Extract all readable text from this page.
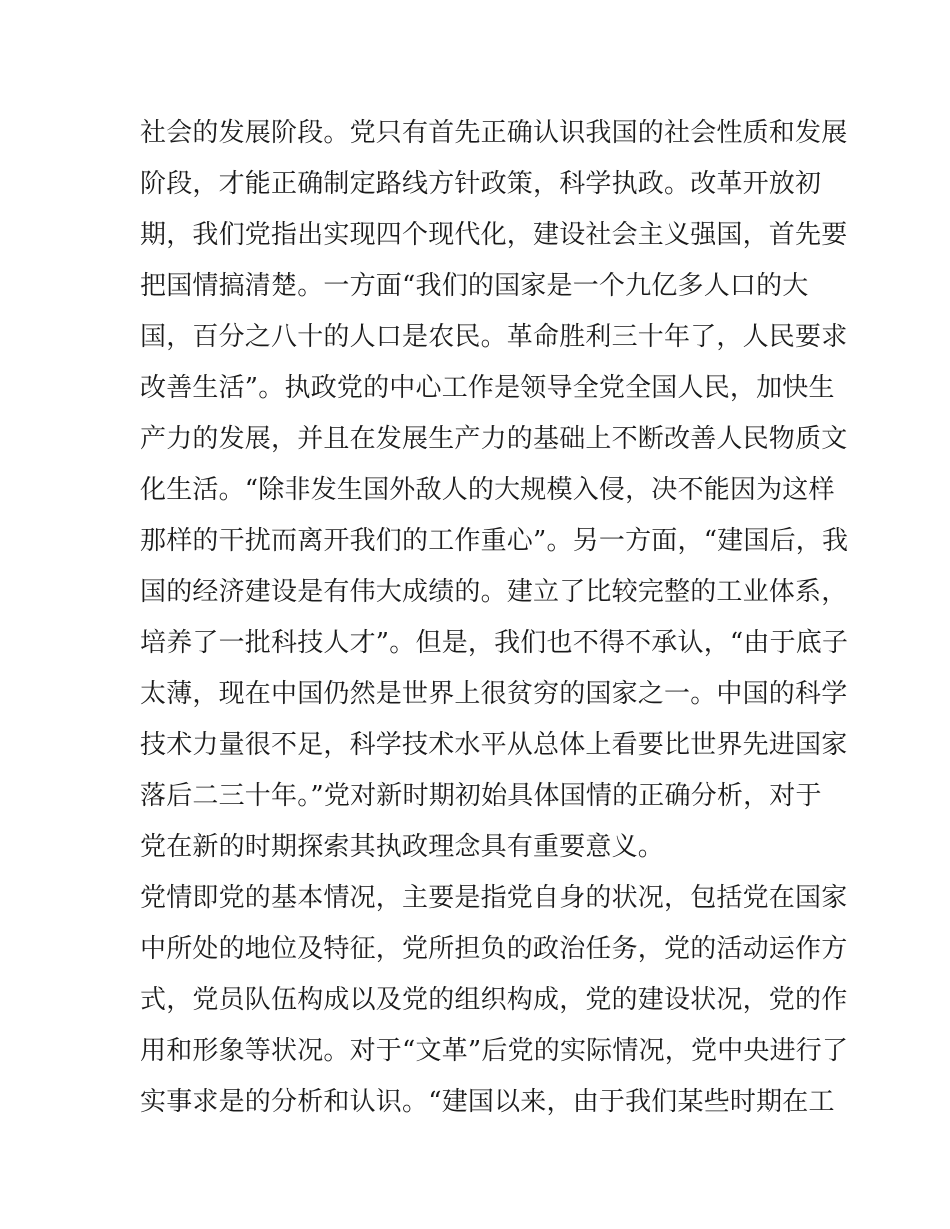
社会的发展阶段。党只有首先正确认识我国的社会性质和发展
阶段，才能正确制定路线方针政策，科学执政。改革开放初
期，我们党指出实现四个现代化，建设社会主义强国，首先要
把国情搞清楚。一方面“我们的国家是一个九亿多人口的大
国，百分之八十的人口是农民。革命胜利三十年了，人民要求
改善生活”。执政党的中心工作是领导全党全国人民，加快生
产力的发展，并且在发展生产力的基础上不断改善人民物质文
化生活。“除非发生国外敌人的大规模入侵，决不能因为这样
那样的干扰而离开我们的工作重心”。另一方面，“建国后，我
国的经济建设是有伟大成绩的。建立了比较完整的工业体系，
培养了一批科技人才”。但是，我们也不得不承认，“由于底子
太薄，现在中国仍然是世界上很贫穷的国家之一。中国的科学
技术力量很不足，科学技术水平从总体上看要比世界先进国家
落后二三十年。”党对新时期初始具体国情的正确分析，对于
党在新的时期探索其执政理念具有重要意义。
党情即党的基本情况，主要是指党自身的状况，包括党在国家
中所处的地位及特征，党所担负的政治任务，党的活动运作方
式，党员队伍构成以及党的组织构成，党的建设状况，党的作
用和形象等状况。对于“文革”后党的实际情况，党中央进行了
实事求是的分析和认识。“建国以来，由于我们某些时期在工
